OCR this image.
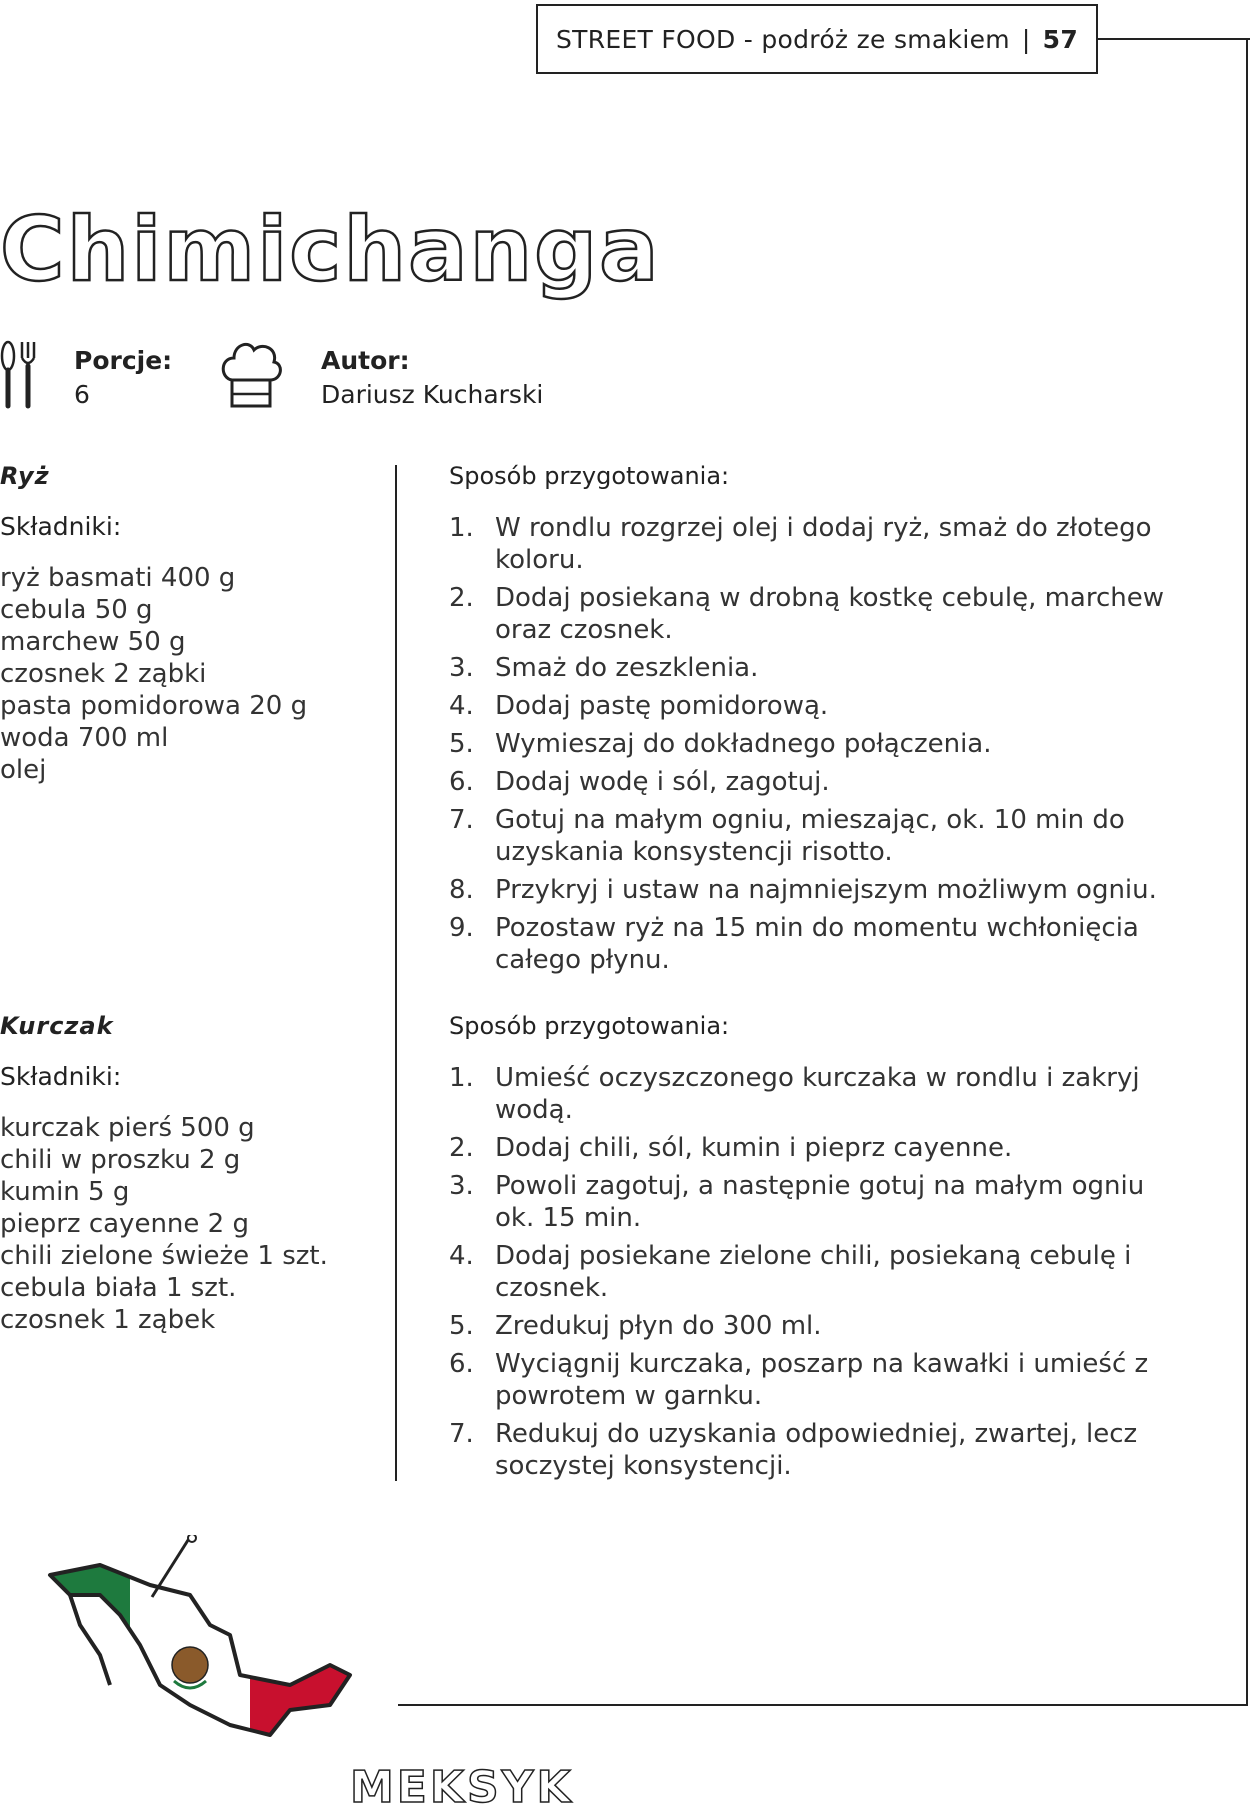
STREET FOOD - podróż ze smakiem | 57
Chimichanga
Porcje:
6
Autor:
Dariusz Kucharski
Ryż
Składniki:
ryż basmati 400 g
cebula 50 g
marchew 50 g
czosnek 2 ząbki
pasta pomidorowa 20 g
woda 700 ml
olej
Kurczak
Składniki:
kurczak pierś 500 g
chili w proszku 2 g
kumin 5 g
pieprz cayenne 2 g
chili zielone świeże 1 szt.
cebula biała 1 szt.
czosnek 1 ząbek
Sposób przygotowania:
1. W rondlu rozgrzej olej i dodaj ryż, smaż do złotego koloru.
2. Dodaj posiekaną w drobną kostkę cebulę, marchew oraz czosnek.
3. Smaż do zeszklenia.
4. Dodaj pastę pomidorową.
5. Wymieszaj do dokładnego połączenia.
6. Dodaj wodę i sól, zagotuj.
7. Gotuj na małym ogniu, mieszając, ok. 10 min do uzyskania konsystencji risotto.
8. Przykryj i ustaw na najmniejszym możliwym ogniu.
9. Pozostaw ryż na 15 min do momentu wchłonięcia całego płynu.
Sposób przygotowania:
1. Umieść oczyszczonego kurczaka w rondlu i zakryj wodą.
2. Dodaj chili, sól, kumin i pieprz cayenne.
3. Powoli zagotuj, a następnie gotuj na małym ogniu ok. 15 min.
4. Dodaj posiekane zielone chili, posiekaną cebulę i czosnek.
5. Zredukuj płyn do 300 ml.
6. Wyciągnij kurczaka, poszarp na kawałki i umieść z powrotem w garnku.
7. Redukuj do uzyskania odpowiedniej, zwartej, lecz soczystej konsystencji.
MEKSYK
